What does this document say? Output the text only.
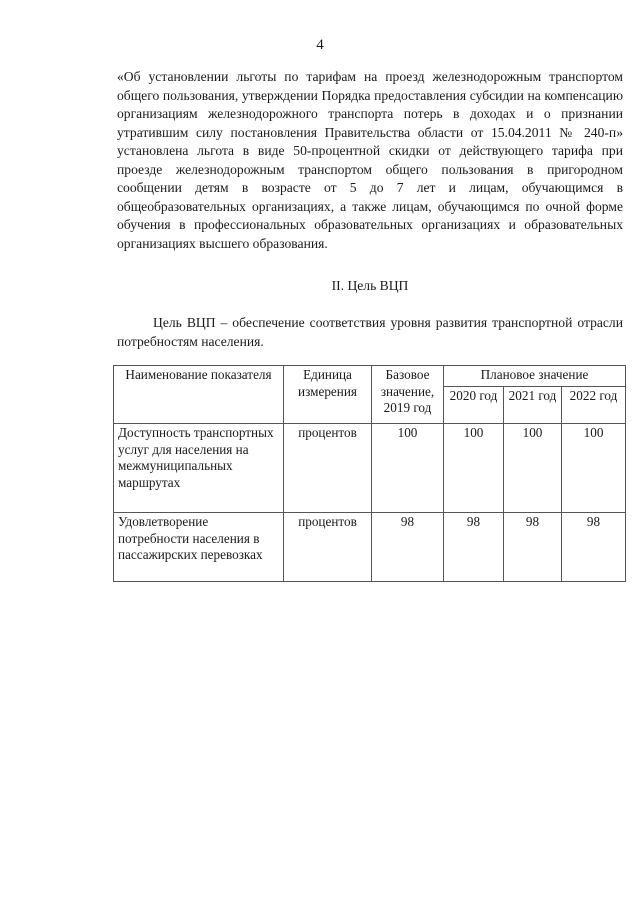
4

«Об установлении льготы по тарифам на проезд железнодорожным транспортом общего пользования, утверждении Порядка предоставления субсидии на компенсацию организациям железнодорожного транспорта потерь в доходах и о признании утратившим силу постановления Правительства области от 15.04.2011 № 240-п» установлена льгота в виде 50-процентной скидки от действующего тарифа при проезде железнодорожным транспортом общего пользования в пригородном сообщении детям в возрасте от 5 до 7 лет и лицам, обучающимся в общеобразовательных организациях, а также лицам, обучающимся по очной форме обучения в профессиональных образовательных организациях и образовательных организациях высшего образования.

II. Цель ВЦП

Цель ВЦП – обеспечение соответствия уровня развития транспортной отрасли потребностям населения.

Наименование показателя	Единица измерения	Базовое значение, 2019 год	Плановое значение		
			2020 год	2021 год	2022 год
Доступность транспортных услуг для населения на межмуниципальных маршрутах	процентов	100	100	100	100
Удовлетворение потребности населения в пассажирских перевозках	процентов	98	98	98	98
